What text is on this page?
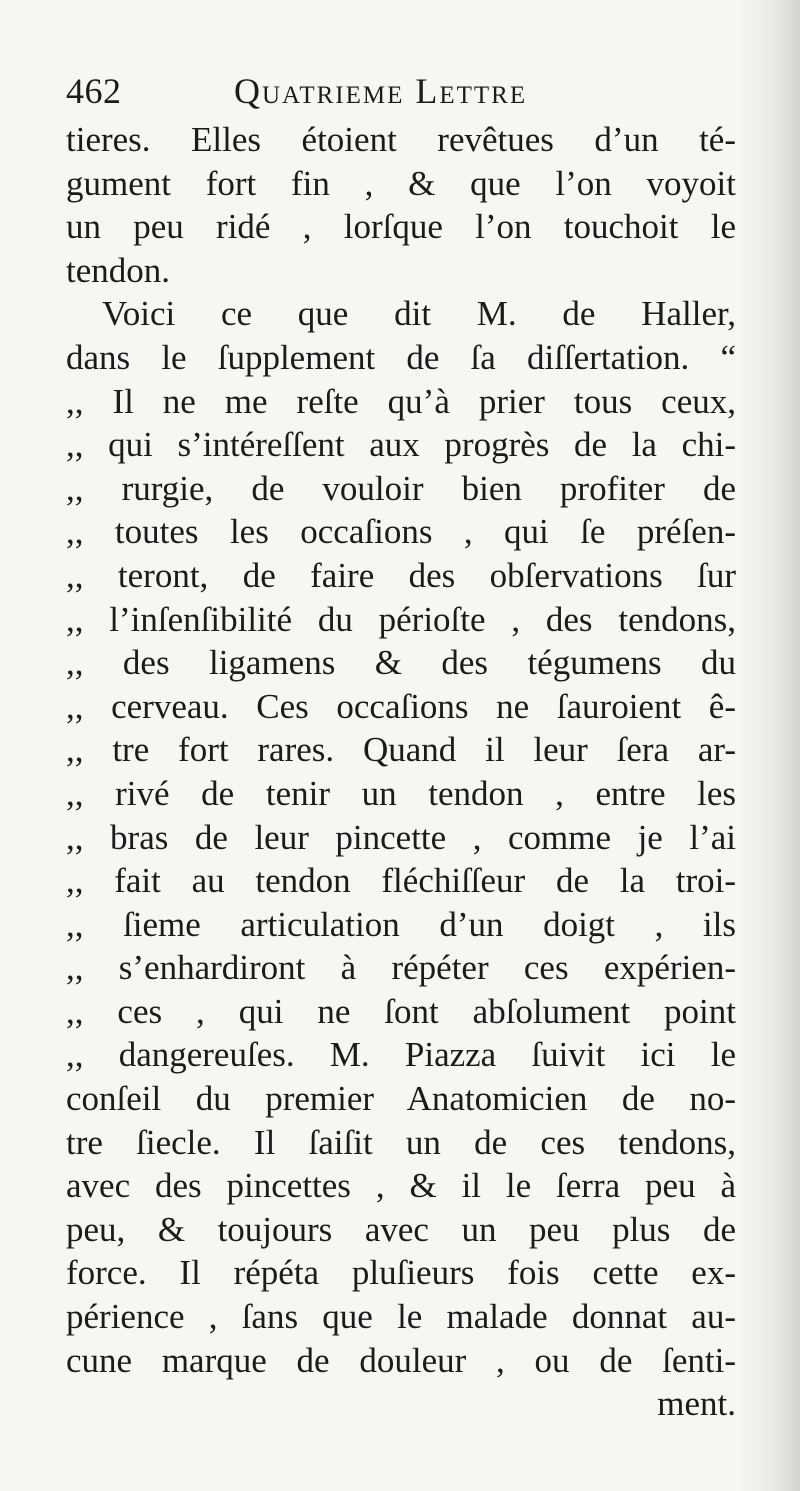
462	Quatrieme Lettre
tieres. Elles étoient revêtues d’un té-
gument fort fin , & que l’on voyoit
un peu ridé , lorſque l’on touchoit le
tendon.
Voici ce que dit M. de Haller,
dans le ſupplement de ſa diſſertation. “
,, Il ne me reſte qu’à prier tous ceux,
,, qui s’intéreſſent aux progrès de la chi-
,, rurgie, de vouloir bien profiter de
,, toutes les occaſions , qui ſe préſen-
,, teront, de faire des obſervations ſur
,, l’inſenſibilité du périoſte , des tendons,
,, des ligamens & des tégumens du
,, cerveau. Ces occaſions ne ſauroient ê-
,, tre fort rares. Quand il leur ſera ar-
,, rivé de tenir un tendon , entre les
,, bras de leur pincette , comme je l’ai
,, fait au tendon fléchiſſeur de la troi-
,, ſieme articulation d’un doigt , ils
,, s’enhardiront à répéter ces expérien-
,, ces , qui ne ſont abſolument point
,, dangereuſes. M. Piazza ſuivit ici le
conſeil du premier Anatomicien de no-
tre ſiecle. Il ſaiſit un de ces tendons,
avec des pincettes , & il le ſerra peu à
peu, & toujours avec un peu plus de
force. Il répéta pluſieurs fois cette ex-
périence , ſans que le malade donnat au-
cune marque de douleur , ou de ſenti-
ment.
